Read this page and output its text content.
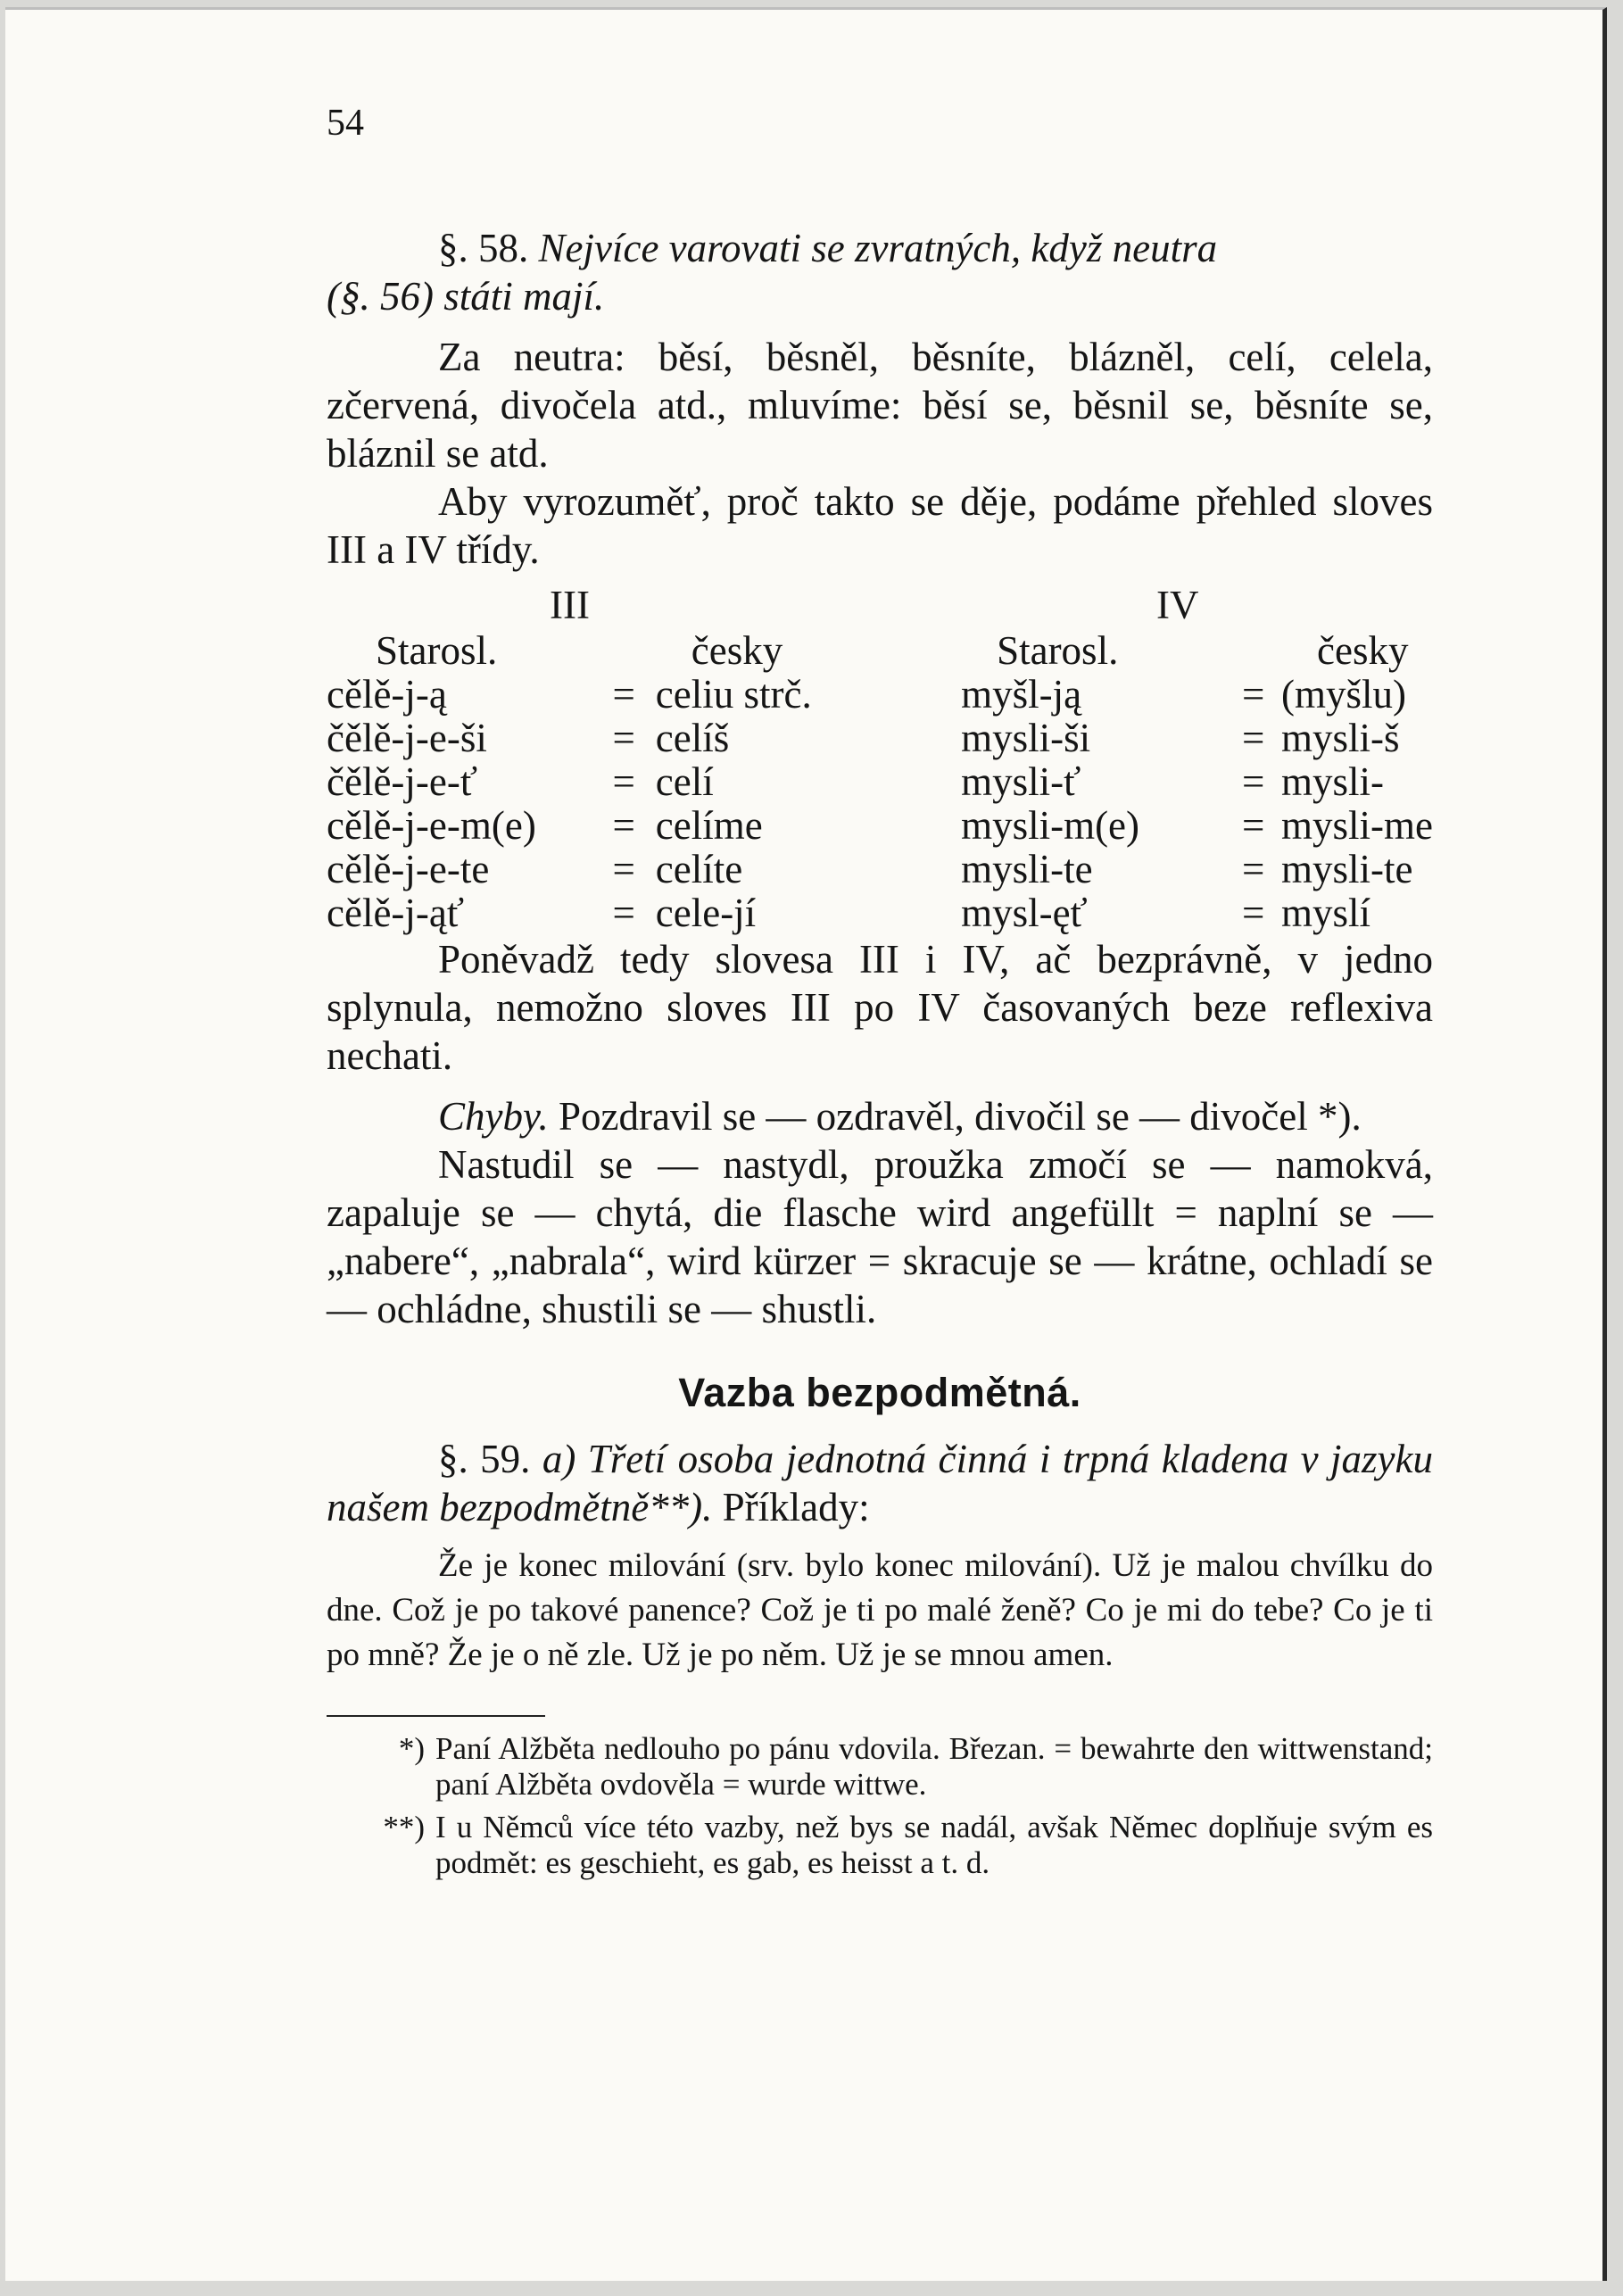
54

§. 58. Nejvíce varovati se zvratných, když neutra

(§. 56) státi mají.

Za neutra: běsí, běsněl, běsníte, blázněl, celí, celela, zčervená, divočela atd., mluvíme: běsí se, běsnil se, běsníte se, bláznil se atd.

Aby vyrozuměť, proč takto se děje, podáme přehled sloves III a IV třídy.

III	IV
Starosl.		česky	Starosl.		česky
cělě-j-ą	=	celiu strč.	myšl-ją	=	(myšlu)
čělě-j-e-ši	=	celíš	mysli-ši	=	mysli-š
čělě-j-e-ť	=	celí	mysli-ť	=	mysli-
cělě-j-e-m(e)	=	celíme	mysli-m(e)	=	mysli-me
cělě-j-e-te	=	celíte	mysli-te	=	mysli-te
cělě-j-ąť	=	cele-jí	mysl-ęť	=	myslí

Poněvadž tedy slovesa III i IV, ač bezprávně, v jedno splynula, nemožno sloves III po IV časovaných beze reflexiva nechati.

Chyby. Pozdravil se — ozdravěl, divočil se — divočel *).

Nastudil se — nastydl, proužka zmočí se — namokvá, zapaluje se — chytá, die flasche wird angefüllt = naplní se — „nabere“, „nabrala“, wird kürzer = skracuje se — krátne, ochladí se — ochládne, shustili se — shustli.

Vazba bezpodmětná.

§. 59. a) Třetí osoba jednotná činná i trpná kladena v jazyku našem bezpodmětně**). Příklady:

Že je konec milování (srv. bylo konec milování). Už je malou chvílku do dne. Což je po takové panence? Což je ti po malé ženě? Co je mi do tebe? Co je ti po mně? Že je o ně zle. Už je po něm. Už je se mnou amen.

*) Paní Alžběta nedlouho po pánu vdovila. Březan. = bewahrte den wittwenstand; paní Alžběta ovdověla = wurde wittwe.
**) I u Němců více této vazby, než bys se nadál, avšak Němec doplňuje svým es podmět: es geschieht, es gab, es heisst a t. d.
